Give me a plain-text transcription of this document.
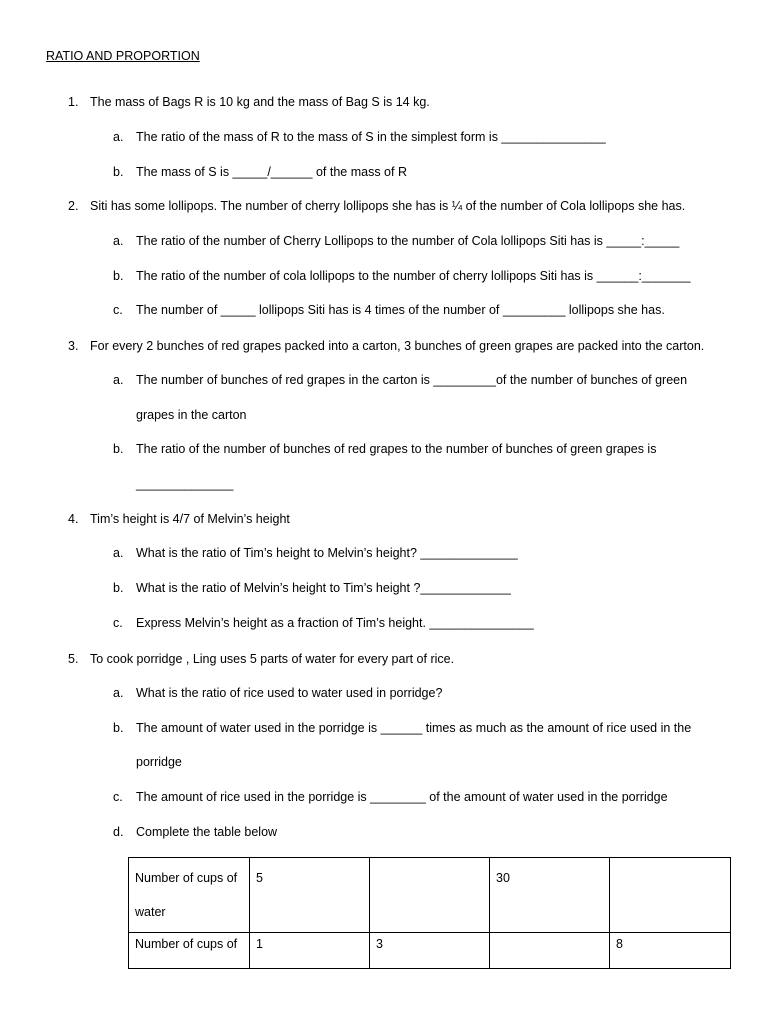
RATIO AND PROPORTION
1. The mass of Bags R is 10 kg and the mass of Bag S is 14 kg.
a. The ratio of the mass of R to the mass of S in the simplest form is _______________
b. The mass of S is _____/______ of the mass of R
2. Siti has some lollipops. The number of cherry lollipops she has is ¼ of the number of Cola lollipops she has.
a. The ratio of the number of Cherry Lollipops to the number of Cola lollipops Siti has is _____:_____
b. The ratio of the number of cola lollipops to the number of cherry lollipops Siti has is ______:_______
c. The number of _____ lollipops Siti has is 4 times of the number of _________ lollipops she has.
3. For every 2 bunches of red grapes packed into a carton, 3 bunches of green grapes are packed into the carton.
a. The number of bunches of red grapes in the carton is _________of the number of bunches of green
grapes in the carton
b. The ratio of the number of bunches of red grapes to the number of bunches of green grapes is
______________
4. Tim’s height is 4/7 of Melvin’s height
a. What is the ratio of Tim’s height to Melvin’s height? ______________
b. What is the ratio of Melvin’s height to Tim’s height ?_____________
c. Express Melvin’s height as a fraction of Tim’s height. _______________
5. To cook porridge , Ling uses 5 parts of water for every part of rice.
a. What is the ratio of rice used to water used in porridge?
b. The amount of water used in the porridge is ______ times as much as the amount of rice used in the
porridge
c. The amount of rice used in the porridge is ________ of the amount of water used in the porridge
d. Complete the table below
Number of cups of
water	5		30	
Number of cups of	1	3		8
